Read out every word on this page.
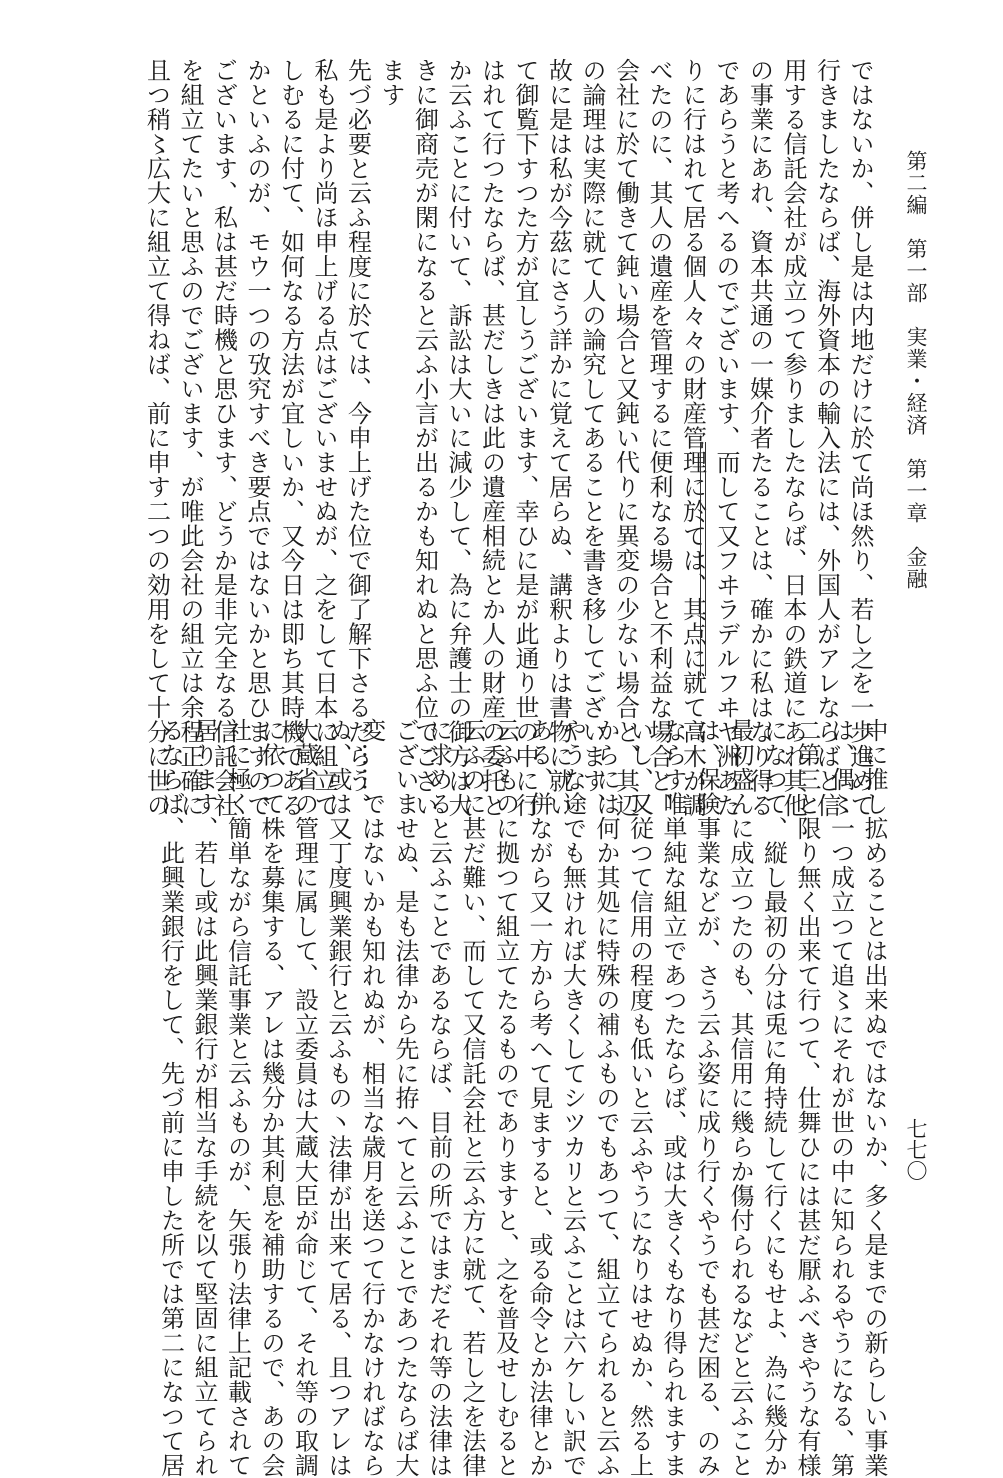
第二編　第一部　実業・経済　第一章　金融
七七〇
ではないか、併し是は内地だけに於て尚ほ然り、若し之を一歩進めて
行きましたならば、海外資本の輸入法には、外国人がアレならばと信
用する信託会社が成立つて参りましたならば、日本の鉄道にあれ其他
の事業にあれ、資本共通の一媒介者たることは、確かに私はなり得る
であらうと考へるのでございます、而して又フヰラデルフヰヤ洲あた
りに行はれて居る個人々々の財産管理に於ては、其点に就て高木が調
べたのに、其人の遺産を管理するに便利なる場合と不利益な場合と、
会社に於て働きて鈍い場合と又鈍い代りに異変の少ない場合と、其辺
の論理は実際に就て人の論究してあることを書き移してございます、
故に是は私が今茲にさう詳かに覚えて居らぬ、講釈よりは書物に就い
て御覧下すつた方が宜しうございます、幸ひに是が此通り世の中に行
はれて行つたならば、甚だしきは此の遺産相続とか人の財産の委托と
か云ふことに付いて、訴訟は大いに減少して、為に弁護士の御方は大
きに御商売が閑になると云ふ小言が出るかも知れぬと思ふ位でござい
ます
先づ必要と云ふ程度に於ては、今申上げた位で御了解下さるだらう、
私も是より尚ほ申上げる点はございませぬが、之をして日本に組立て
しむるに付て、如何なる方法が宜しいか、又今日は即ち其時機である
かといふのが、モウ一つの攷究すべき要点ではないかと思ひますので
ございます、私は甚だ時機と思ひます、どうか是非完全なる信託会社
を組立てたいと思ふのでございます、が唯此会社の組立は余程正確に
且つ稍〻広大に組立て得ねば、前に申す二つの効用をして十分に世の
中に推し拡めることは出来ぬではないか、多く是までの新らしい事業
は、偶〻一つ成立つて追〻にそれが世の中に知られるやうになる、第
二第三と限り無く出来て行つて、仕舞ひには甚だ厭ふべきやうな有様
になつて、縦し最初の分は兎に角持続して行くにもせよ、為に幾分か
最初盛んに成立つたのも、其信用に幾らか傷付られるなどと云ふこと
は、保険事業などが、さう云ふ姿に成り行くやうでも甚だ困る、のみ
ならす唯単純な組立であつたならば、或は大きくもなり得られますま
いし、又従つて信用の程度も低いと云ふやうになりはせぬか、然る上
からには何か其処に特殊の補ふものでもあつて、組立てられると云ふ
やうな途でも無ければ大きくしてシツカリと云ふことは六ケしい訳で
ある、併ながら又一方から考へて見ますると、或る命令とか法律とか
云ふものに拠つて組立てたるものでありますと、之を普及せしむると
云ふのに甚だ難い、而して又信託会社と云ふ方に就て、若し之を法律
に求めると云ふことであるならば、目前の所ではまだそれ等の法律は
ございませぬ、是も法律から先に拵へてと云ふことであつたならば大
変……ではないかも知れぬが、相当な歳月を送つて行かなければなら
ぬ、或は又丁度興業銀行と云ふもの丶法律が出来て居る、且つアレは
大蔵省の管理に属して、設立委員は大蔵大臣が命じて、それ等の取調
に依つて株を募集する、アレは幾分か其利息を補助するので、あの会
社に極く簡単ながら信託事業と云ふものが、矢張り法律上記載されて
居ります、若し或は此興業銀行が相当な手続を以て堅固に組立てられ
るならば、此興業銀行をして、先づ前に申した所では第二になつて居
